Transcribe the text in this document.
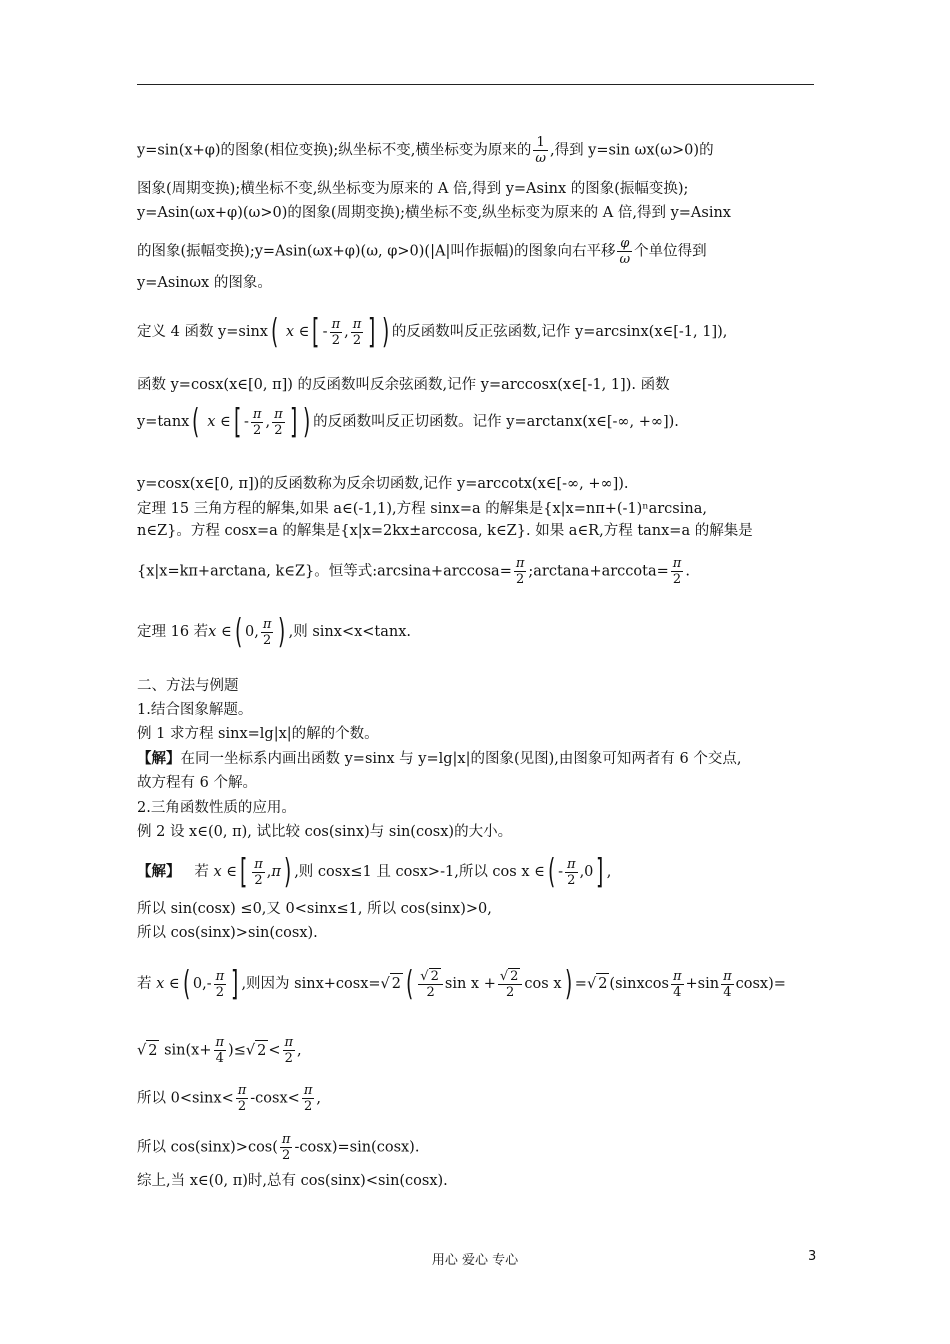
y=sin(x+φ)的图象(相位变换);纵坐标不变,横坐标变为原来的 $\frac{1}{\omega}$ ,得到 y=sin ωx(ω>0)的
图象(周期变换);横坐标不变,纵坐标变为原来的 A 倍,得到 y=Asinx 的图象(振幅变换);
y=Asin(ωx+φ)(ω>0)的图象(周期变换);横坐标不变,纵坐标变为原来的 A 倍,得到 y=Asinx
的图象(振幅变换);y=Asin(ωx+φ)(ω, φ>0)(|A|叫作振幅)的图象向右平移 $\frac{\varphi}{\omega}$ 个单位得到
y=Asinωx 的图象。
定义 4 函数 y=sinx( x ∈[ - $\frac{\pi}{2}$ , $\frac{\pi}{2}$ ] ) 的反函数叫反正弦函数,记作 y=arcsinx(x∈[-1, 1]),
函数 y=cosx(x∈[0, π]) 的反函数叫反余弦函数,记作 y=arccosx(x∈[-1, 1]). 函数
y=tanx( x ∈[ - $\frac{\pi}{2}$ , $\frac{\pi}{2}$ ] ) 的反函数叫反正切函数。记作 y=arctanx(x∈[-∞, +∞]).
y=cosx(x∈[0, π])的反函数称为反余切函数,记作 y=arccotx(x∈[-∞, +∞]).
定理 15 三角方程的解集,如果 a∈(-1,1),方程 sinx=a 的解集是{x|x=nπ+(-1)ⁿarcsina,
n∈Z}。方程 cosx=a 的解集是{x|x=2kx±arccosa, k∈Z}. 如果 a∈R,方程 tanx=a 的解集是
{x|x=kπ+arctana, k∈Z}。恒等式:arcsina+arccosa= $\frac{\pi}{2}$ ;arctana+arccota= $\frac{\pi}{2}$ .
定理 16 若x ∈( 0, $\frac{\pi}{2}$ ) ,则 sinx<x<tanx.
二、方法与例题
1.结合图象解题。
例 1 求方程 sinx=lg|x|的解的个数。
【解】在同一坐标系内画出函数 y=sinx 与 y=lg|x|的图象(见图),由图象可知两者有 6 个交点,
故方程有 6 个解。
2.三角函数性质的应用。
例 2 设 x∈(0, π), 试比较 cos(sinx)与 sin(cosx)的大小。
【解】 若 x ∈[ $\frac{\pi}{2} ,\pi$) ,则 cosx≤1 且 cosx>-1,所以 cos x ∈( - $\frac{\pi}{2} ,0$] ,
所以 sin(cosx) ≤0,又 0<sinx≤1, 所以 cos(sinx)>0,
所以 cos(sinx)>sin(cosx).
若 x ∈( $0,- \frac{\pi}{2}$ ] ,则因为 sinx+cosx=√ 2 ( $\frac{√ 2}{2}$ $\sin x + \frac{√ 2}{2}$ cos x) =√ 2 (sinxcos $\frac{\pi}{4} +\sin \frac{\pi}{4} \cos x)=$
√ 2 $\sin(x+ \frac{\pi}{4}$ )≤√ $2 < \frac{\pi}{2}$ ,
所以 $0<\sin x< \frac{\pi}{2} -\cos x< \frac{\pi}{2}$ ,
所以 $\cos(\sin x)>\cos( \frac{\pi}{2} -\cos x)=\sin(\cos x)$.
综上,当 x∈(0, π)时,总有 cos(sinx)<sin(cosx).
用心 爱心 专心	3
